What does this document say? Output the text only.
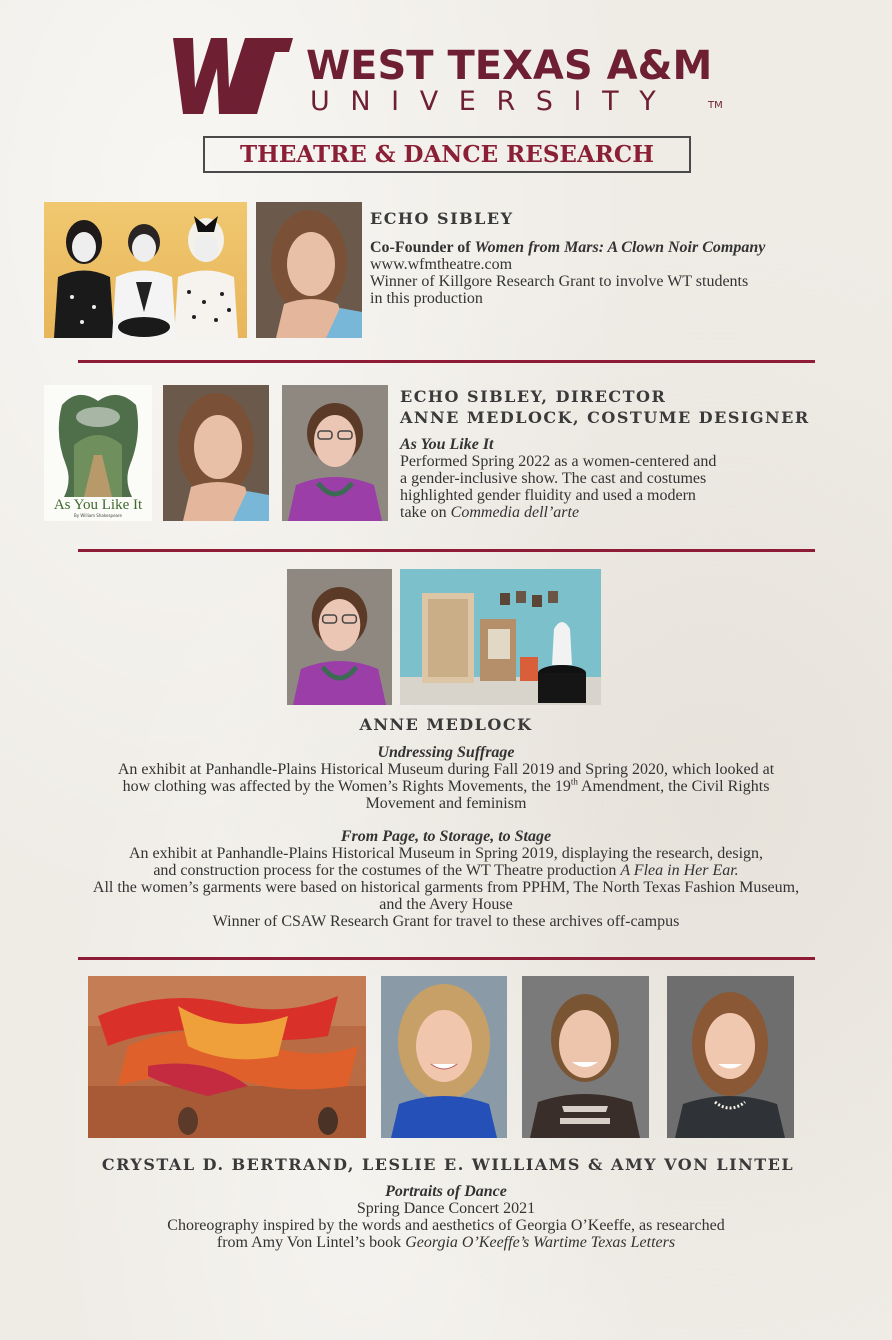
WEST TEXAS A&M
UNIVERSITY	TM
THEATRE & DANCE RESEARCH
ECHO SIBLEY
Co-Founder of Women from Mars: A Clown Noir Company
www.wfmtheatre.com
Winner of Killgore Research Grant to involve WT students
in this production
As You Like It
By William Shakespeare
ECHO SIBLEY, DIRECTOR
ANNE MEDLOCK, COSTUME DESIGNER
As You Like It
Performed Spring 2022 as a women-centered and
a gender-inclusive show. The cast and costumes
highlighted gender fluidity and used a modern
take on Commedia dell’arte
ANNE MEDLOCK
Undressing Suffrage
An exhibit at Panhandle-Plains Historical Museum during Fall 2019 and Spring 2020, which looked at
how clothing was affected by the Women’s Rights Movements, the 19th Amendment, the Civil Rights
Movement and feminism
From Page, to Storage, to Stage
An exhibit at Panhandle-Plains Historical Museum in Spring 2019, displaying the research, design,
and construction process for the costumes of the WT Theatre production A Flea in Her Ear.
All the women’s garments were based on historical garments from PPHM, The North Texas Fashion Museum,
and the Avery House
Winner of CSAW Research Grant for travel to these archives off-campus
CRYSTAL D. BERTRAND, LESLIE E. WILLIAMS & AMY VON LINTEL
Portraits of Dance
Spring Dance Concert 2021
Choreography inspired by the words and aesthetics of Georgia O’Keeffe, as researched
from Amy Von Lintel’s book Georgia O’Keeffe’s Wartime Texas Letters
